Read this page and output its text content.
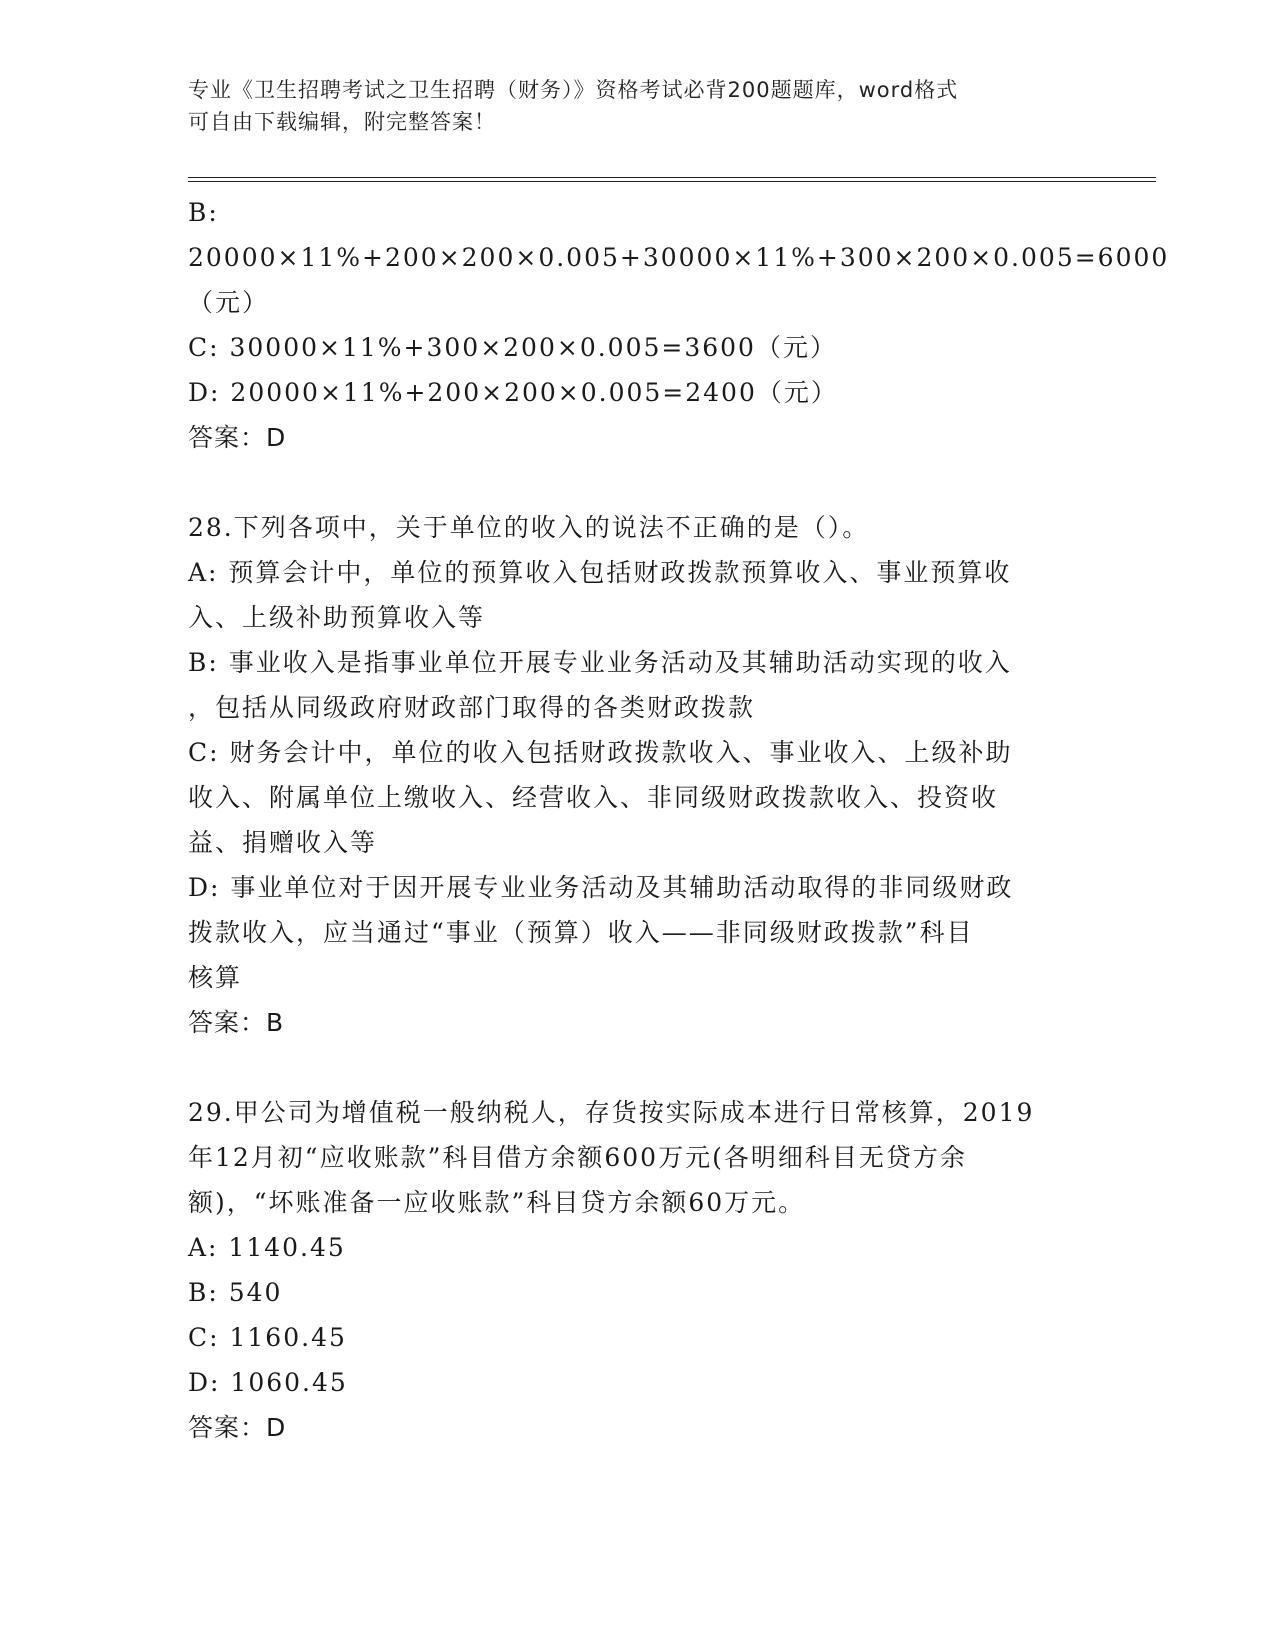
专业《卫生招聘考试之卫生招聘（财务）》资格考试必背200题题库，word格式
可自由下载编辑，附完整答案！

B: 20000×11%+200×200×0.005+30000×11%+300×200×0.005=6000

（元）

C: 30000×11%+300×200×0.005=3600（元）

D: 20000×11%+200×200×0.005=2400（元）

答案：D

28.下列各项中，关于单位的收入的说法不正确的是（）。

A: 预算会计中，单位的预算收入包括财政拨款预算收入、事业预算收

入、上级补助预算收入等

B: 事业收入是指事业单位开展专业业务活动及其辅助活动实现的收入

，包括从同级政府财政部门取得的各类财政拨款

C: 财务会计中，单位的收入包括财政拨款收入、事业收入、上级补助

收入、附属单位上缴收入、经营收入、非同级财政拨款收入、投资收

益、捐赠收入等

D: 事业单位对于因开展专业业务活动及其辅助活动取得的非同级财政

拨款收入，应当通过“事业（预算）收入——非同级财政拨款”科目

核算

答案：B

29.甲公司为增值税一般纳税人，存货按实际成本进行日常核算，2019

年12月初“应收账款”科目借方余额600万元(各明细科目无贷方余

额)，“坏账准备一应收账款”科目贷方余额60万元。

A: 1140.45

B: 540

C: 1160.45

D: 1060.45

答案：D
